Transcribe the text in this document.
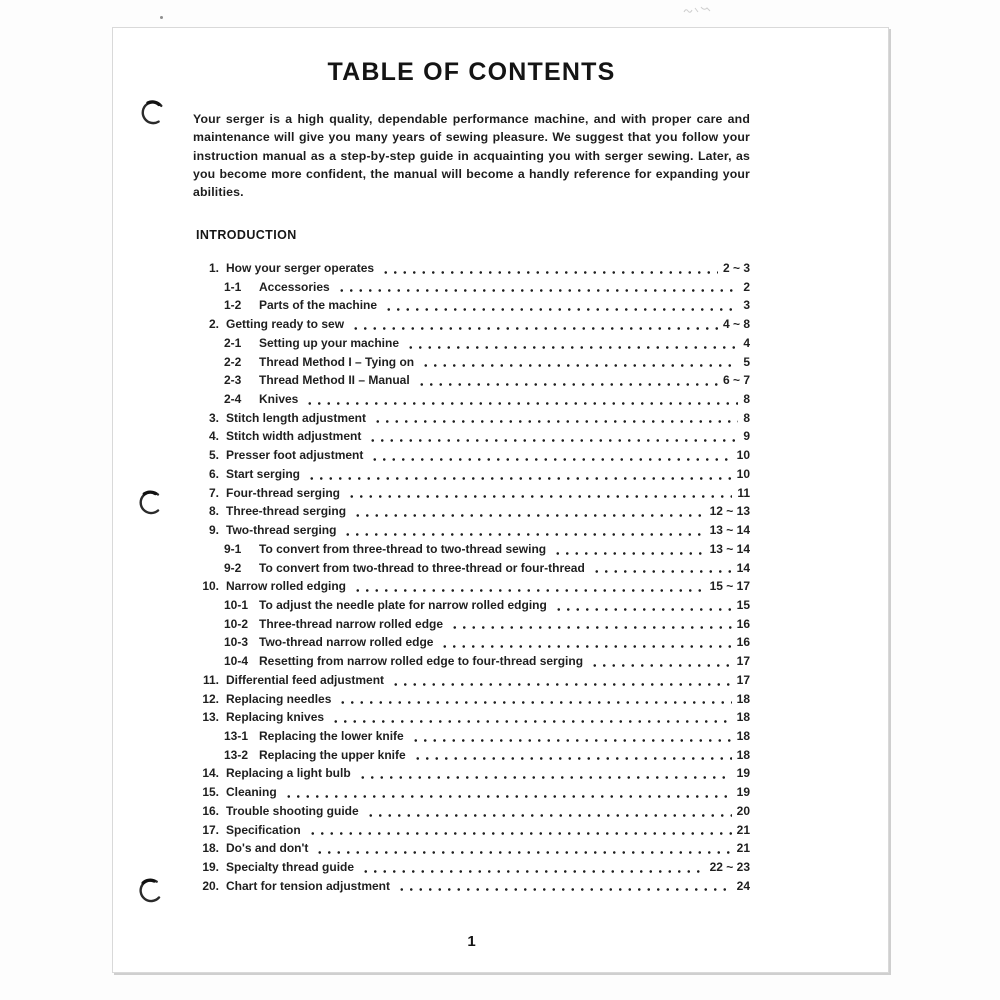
TABLE OF CONTENTS
Your serger is a high quality, dependable performance machine, and with proper care and maintenance will give you many years of sewing pleasure. We suggest that you follow your instruction manual as a step-by-step guide in acquainting you with serger sewing. Later, as you become more confident, the manual will become a handly reference for expanding your abilities.
INTRODUCTION
1. How your serger operates	2 ~ 3
1-1	Accessories	2
1-2	Parts of the machine	3
2. Getting ready to sew	4 ~ 8
2-1	Setting up your machine	4
2-2	Thread Method I – Tying on	5
2-3	Thread Method II – Manual	6 ~ 7
2-4	Knives	8
3. Stitch length adjustment	8
4. Stitch width adjustment	9
5. Presser foot adjustment	10
6. Start serging	10
7. Four-thread serging	11
8. Three-thread serging	12 ~ 13
9. Two-thread serging	13 ~ 14
9-1	To convert from three-thread to two-thread sewing	13 ~ 14
9-2	To convert from two-thread to three-thread or four-thread	14
10. Narrow rolled edging	15 ~ 17
10-1 To adjust the needle plate for narrow rolled edging	15
10-2 Three-thread narrow rolled edge	16
10-3 Two-thread narrow rolled edge	16
10-4 Resetting from narrow rolled edge to four-thread serging	17
11. Differential feed adjustment	17
12. Replacing needles	18
13. Replacing knives	18
13-1 Replacing the lower knife	18
13-2 Replacing the upper knife	18
14. Replacing a light bulb	19
15. Cleaning	19
16. Trouble shooting guide	20
17. Specification	21
18. Do's and don't	21
19. Specialty thread guide	22 ~ 23
20. Chart for tension adjustment	24
1
